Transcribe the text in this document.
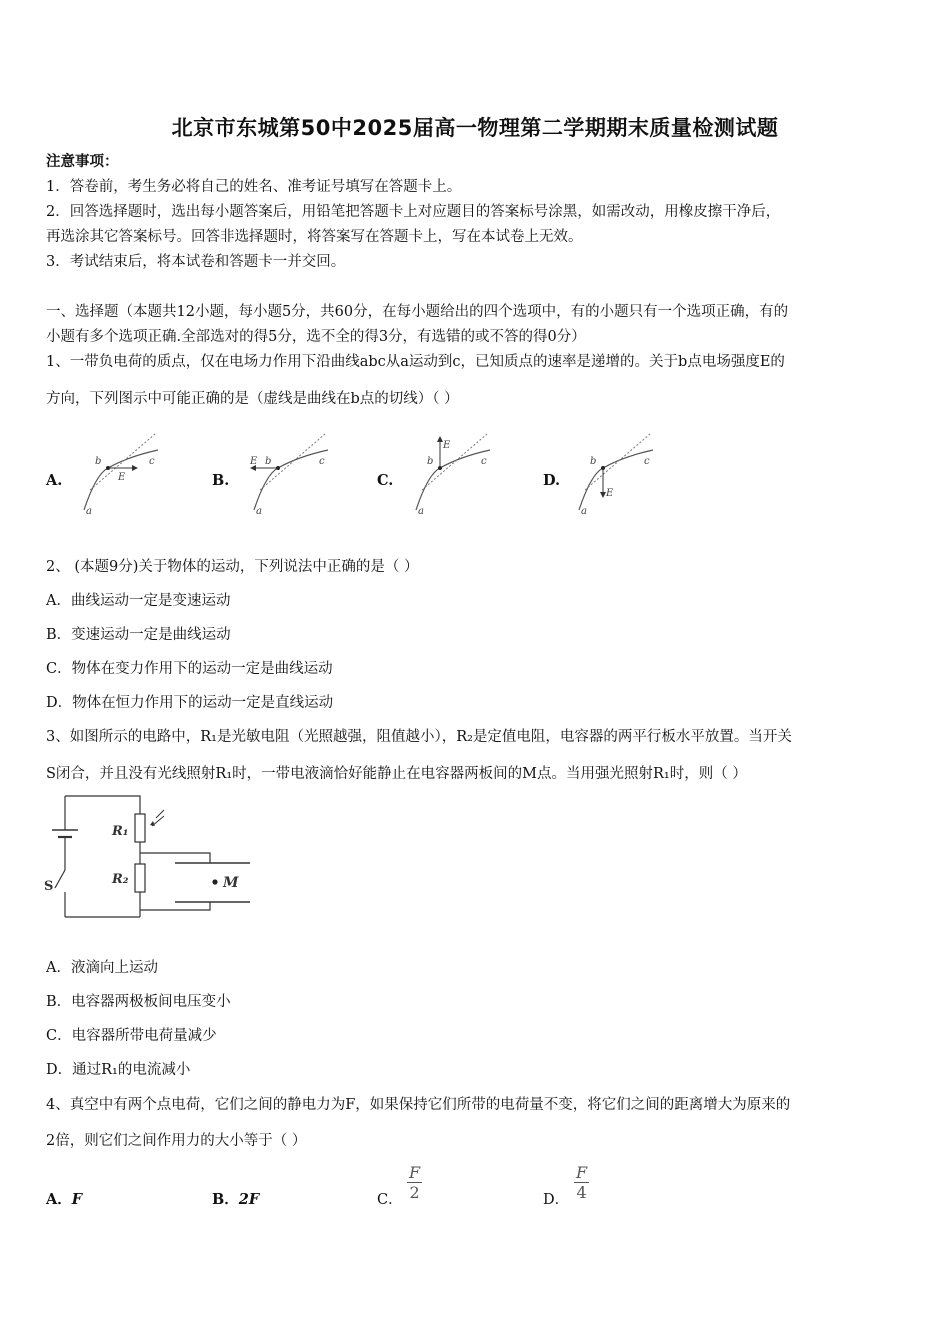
北京市东城第50中2025届高一物理第二学期期末质量检测试题
注意事项：
1．答卷前，考生务必将自己的姓名、准考证号填写在答题卡上。
2．回答选择题时，选出每小题答案后，用铅笔把答题卡上对应题目的答案标号涂黑，如需改动，用橡皮擦干净后，
再选涂其它答案标号。回答非选择题时，将答案写在答题卡上，写在本试卷上无效。
3．考试结束后，将本试卷和答题卡一并交回。
一、选择题（本题共12小题，每小题5分，共60分，在每小题给出的四个选项中，有的小题只有一个选项正确，有的
小题有多个选项正确.全部选对的得5分，选不全的得3分，有选错的或不答的得0分）
1、一带负电荷的质点，仅在电场力作用下沿曲线abc从a运动到c，已知质点的速率是递增的。关于b点电场强度E的
方向，下列图示中可能正确的是（虚线是曲线在b点的切线）（ ）
A.	B.	C.	D.
b	c
E
a
b	c
E
a
b	c
E
a
b	c
E
a
2、 (本题9分)关于物体的运动，下列说法中正确的是（ ）
A．曲线运动一定是变速运动
B．变速运动一定是曲线运动
C．物体在变力作用下的运动一定是曲线运动
D．物体在恒力作用下的运动一定是直线运动
3、如图所示的电路中，R₁是光敏电阻（光照越强，阻值越小），R₂是定值电阻，电容器的两平行板水平放置。当开关
S闭合，并且没有光线照射R₁时，一带电液滴恰好能静止在电容器两板间的M点。当用强光照射R₁时，则（ ）
R₁
R₂
S	M
A．液滴向上运动
B．电容器两极板间电压变小
C．电容器所带电荷量减少
D．通过R₁的电流减小
4、真空中有两个点电荷，它们之间的静电力为F，如果保持它们所带的电荷量不变，将它们之间的距离增大为原来的
2倍，则它们之间作用力的大小等于（ ）
A．F	B．2F	C． $\frac{F}{2}$	D． $\frac{F}{4}$
